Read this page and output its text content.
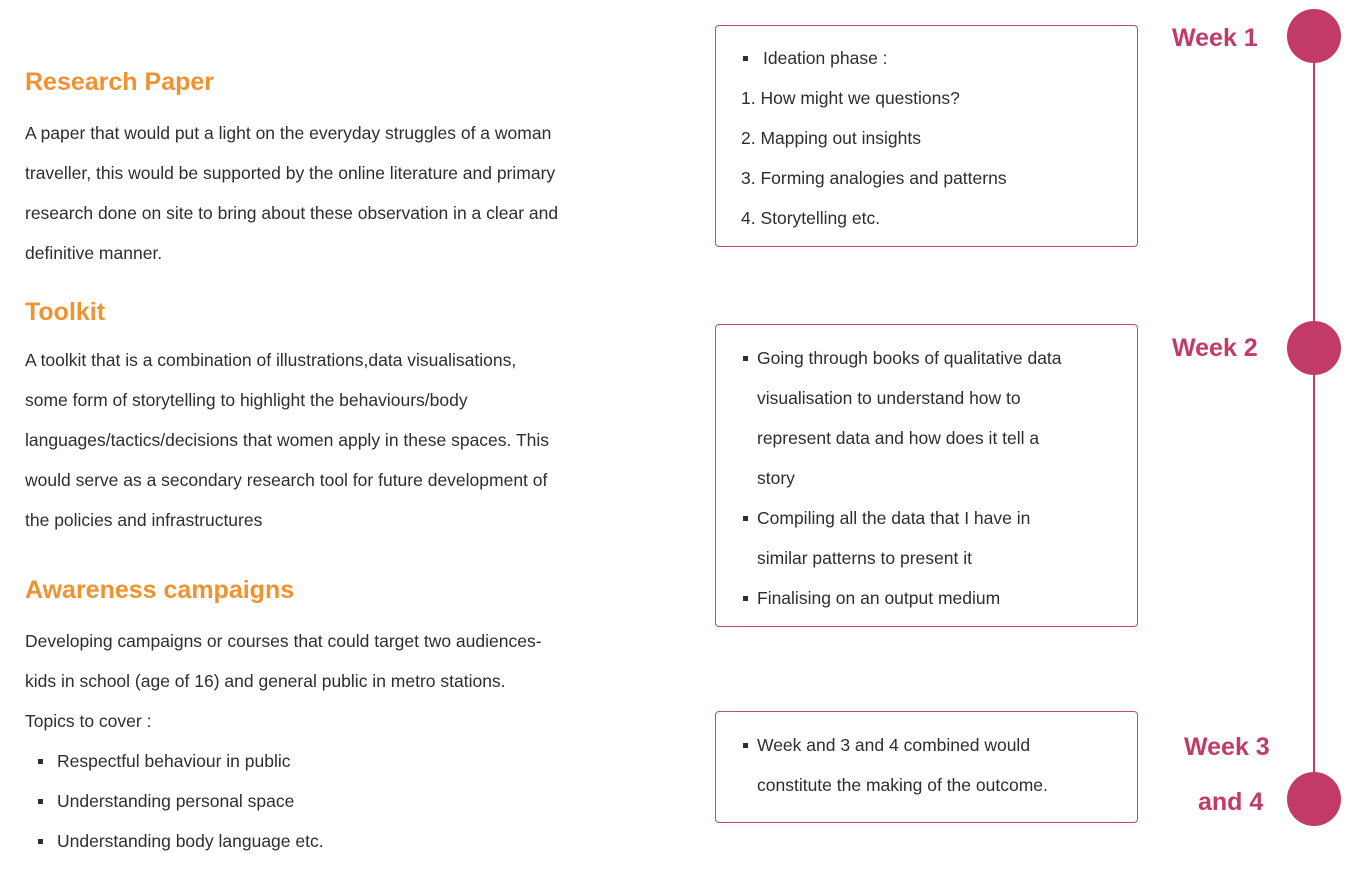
Research Paper
A paper that would put a light on the everyday struggles of a woman
traveller, this would be supported by the online literature and primary
research done on site to bring about these observation in a clear and
definitive manner.
Toolkit
A toolkit that is a combination of illustrations,data visualisations,
some form of storytelling to highlight the behaviours/body
languages/tactics/decisions that women apply in these spaces. This
would serve as a secondary research tool for future development of
the policies and infrastructures
Awareness campaigns
Developing campaigns or courses that could target two audiences-
kids in school (age of 16) and general public in metro stations.
Topics to cover :
Respectful behaviour in public
Understanding personal space
Understanding body language etc.
Week 1
Week 2
Week 3
and 4
Ideation phase :
1. How might we questions?
2. Mapping out insights
3. Forming analogies and patterns
4. Storytelling etc.
Going through books of qualitative data
visualisation to understand how to
represent data and how does it tell a
story
Compiling all the data that I have in
similar patterns to present it
Finalising on an output medium
Week and 3 and 4 combined would
constitute the making of the outcome.
